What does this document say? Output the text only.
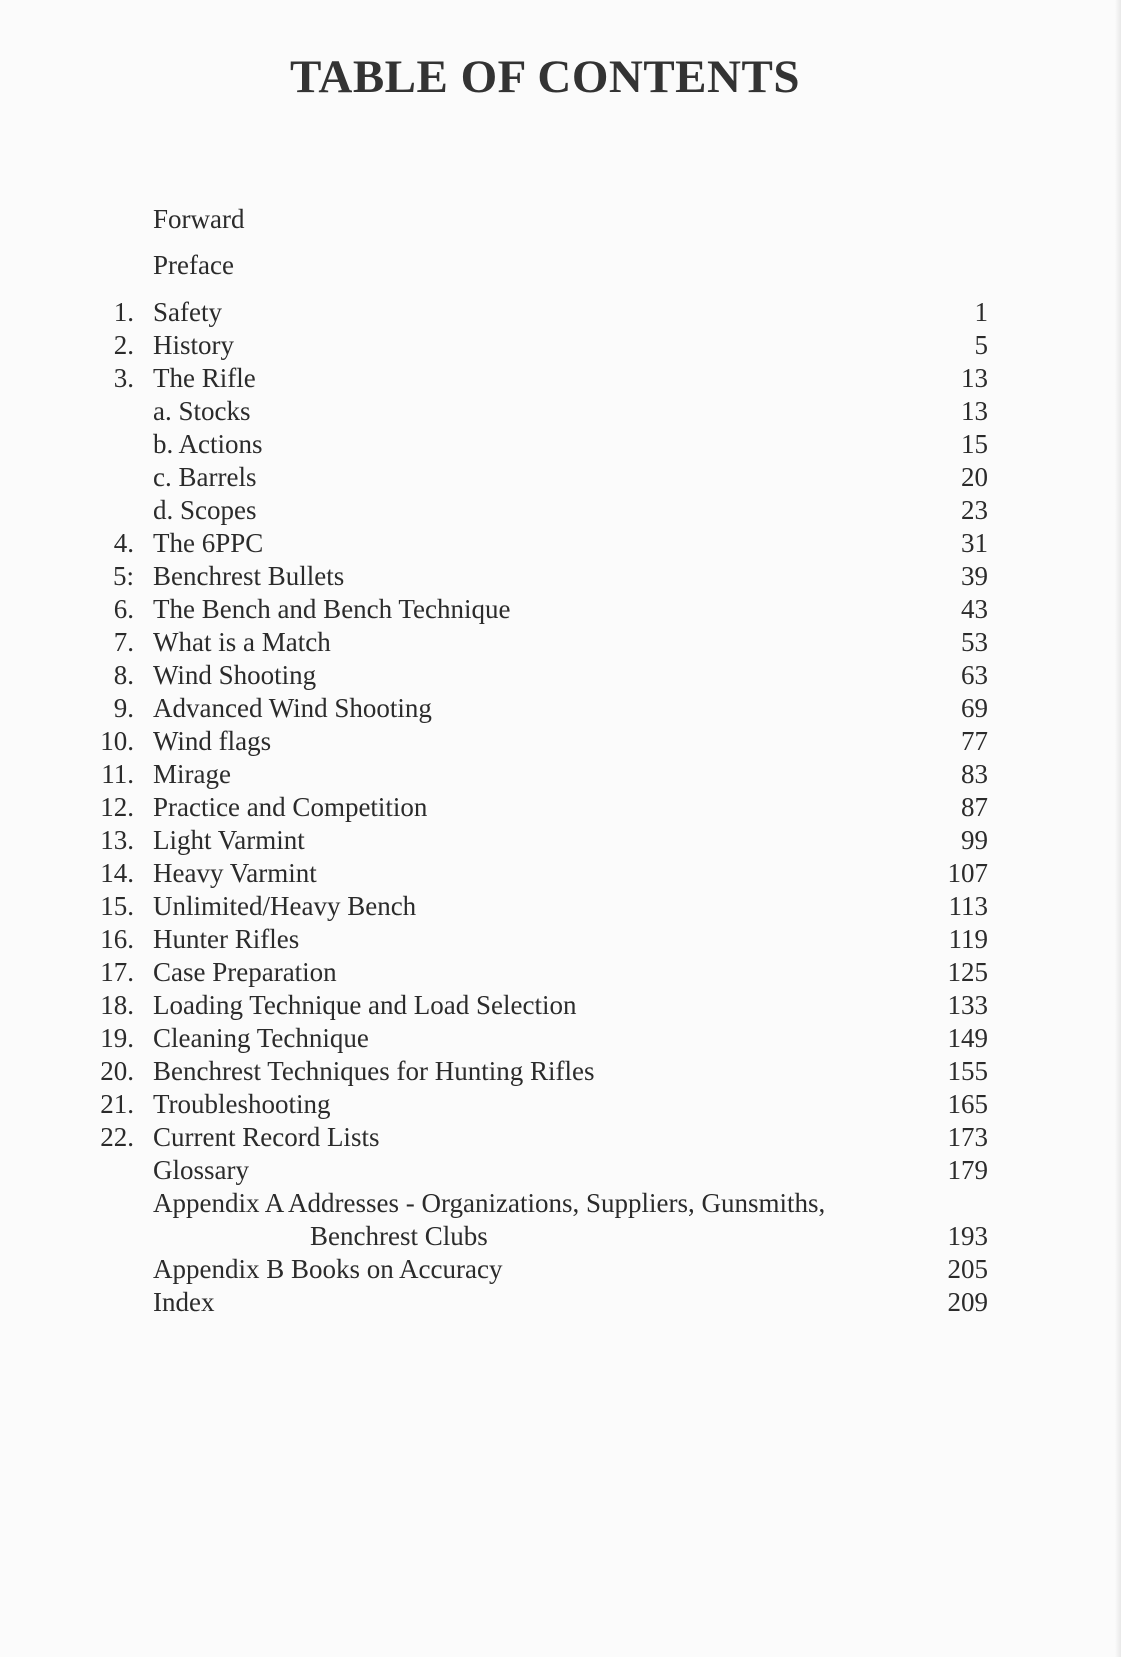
TABLE OF CONTENTS
Forward
Preface
1. Safety	1
2. History	5
3. The Rifle	13
a. Stocks	13
b. Actions	15
c. Barrels	20
d. Scopes	23
4. The 6PPC	31
5: Benchrest Bullets	39
6. The Bench and Bench Technique	43
7. What is a Match	53
8. Wind Shooting	63
9. Advanced Wind Shooting	69
10. Wind flags	77
11. Mirage	83
12. Practice and Competition	87
13. Light Varmint	99
14. Heavy Varmint	107
15. Unlimited/Heavy Bench	113
16. Hunter Rifles	119
17. Case Preparation	125
18. Loading Technique and Load Selection	133
19. Cleaning Technique	149
20. Benchrest Techniques for Hunting Rifles	155
21. Troubleshooting	165
22. Current Record Lists	173
Glossary	179
Appendix A Addresses - Organizations, Suppliers, Gunsmiths,
Benchrest Clubs	193
Appendix B Books on Accuracy	205
Index	209
